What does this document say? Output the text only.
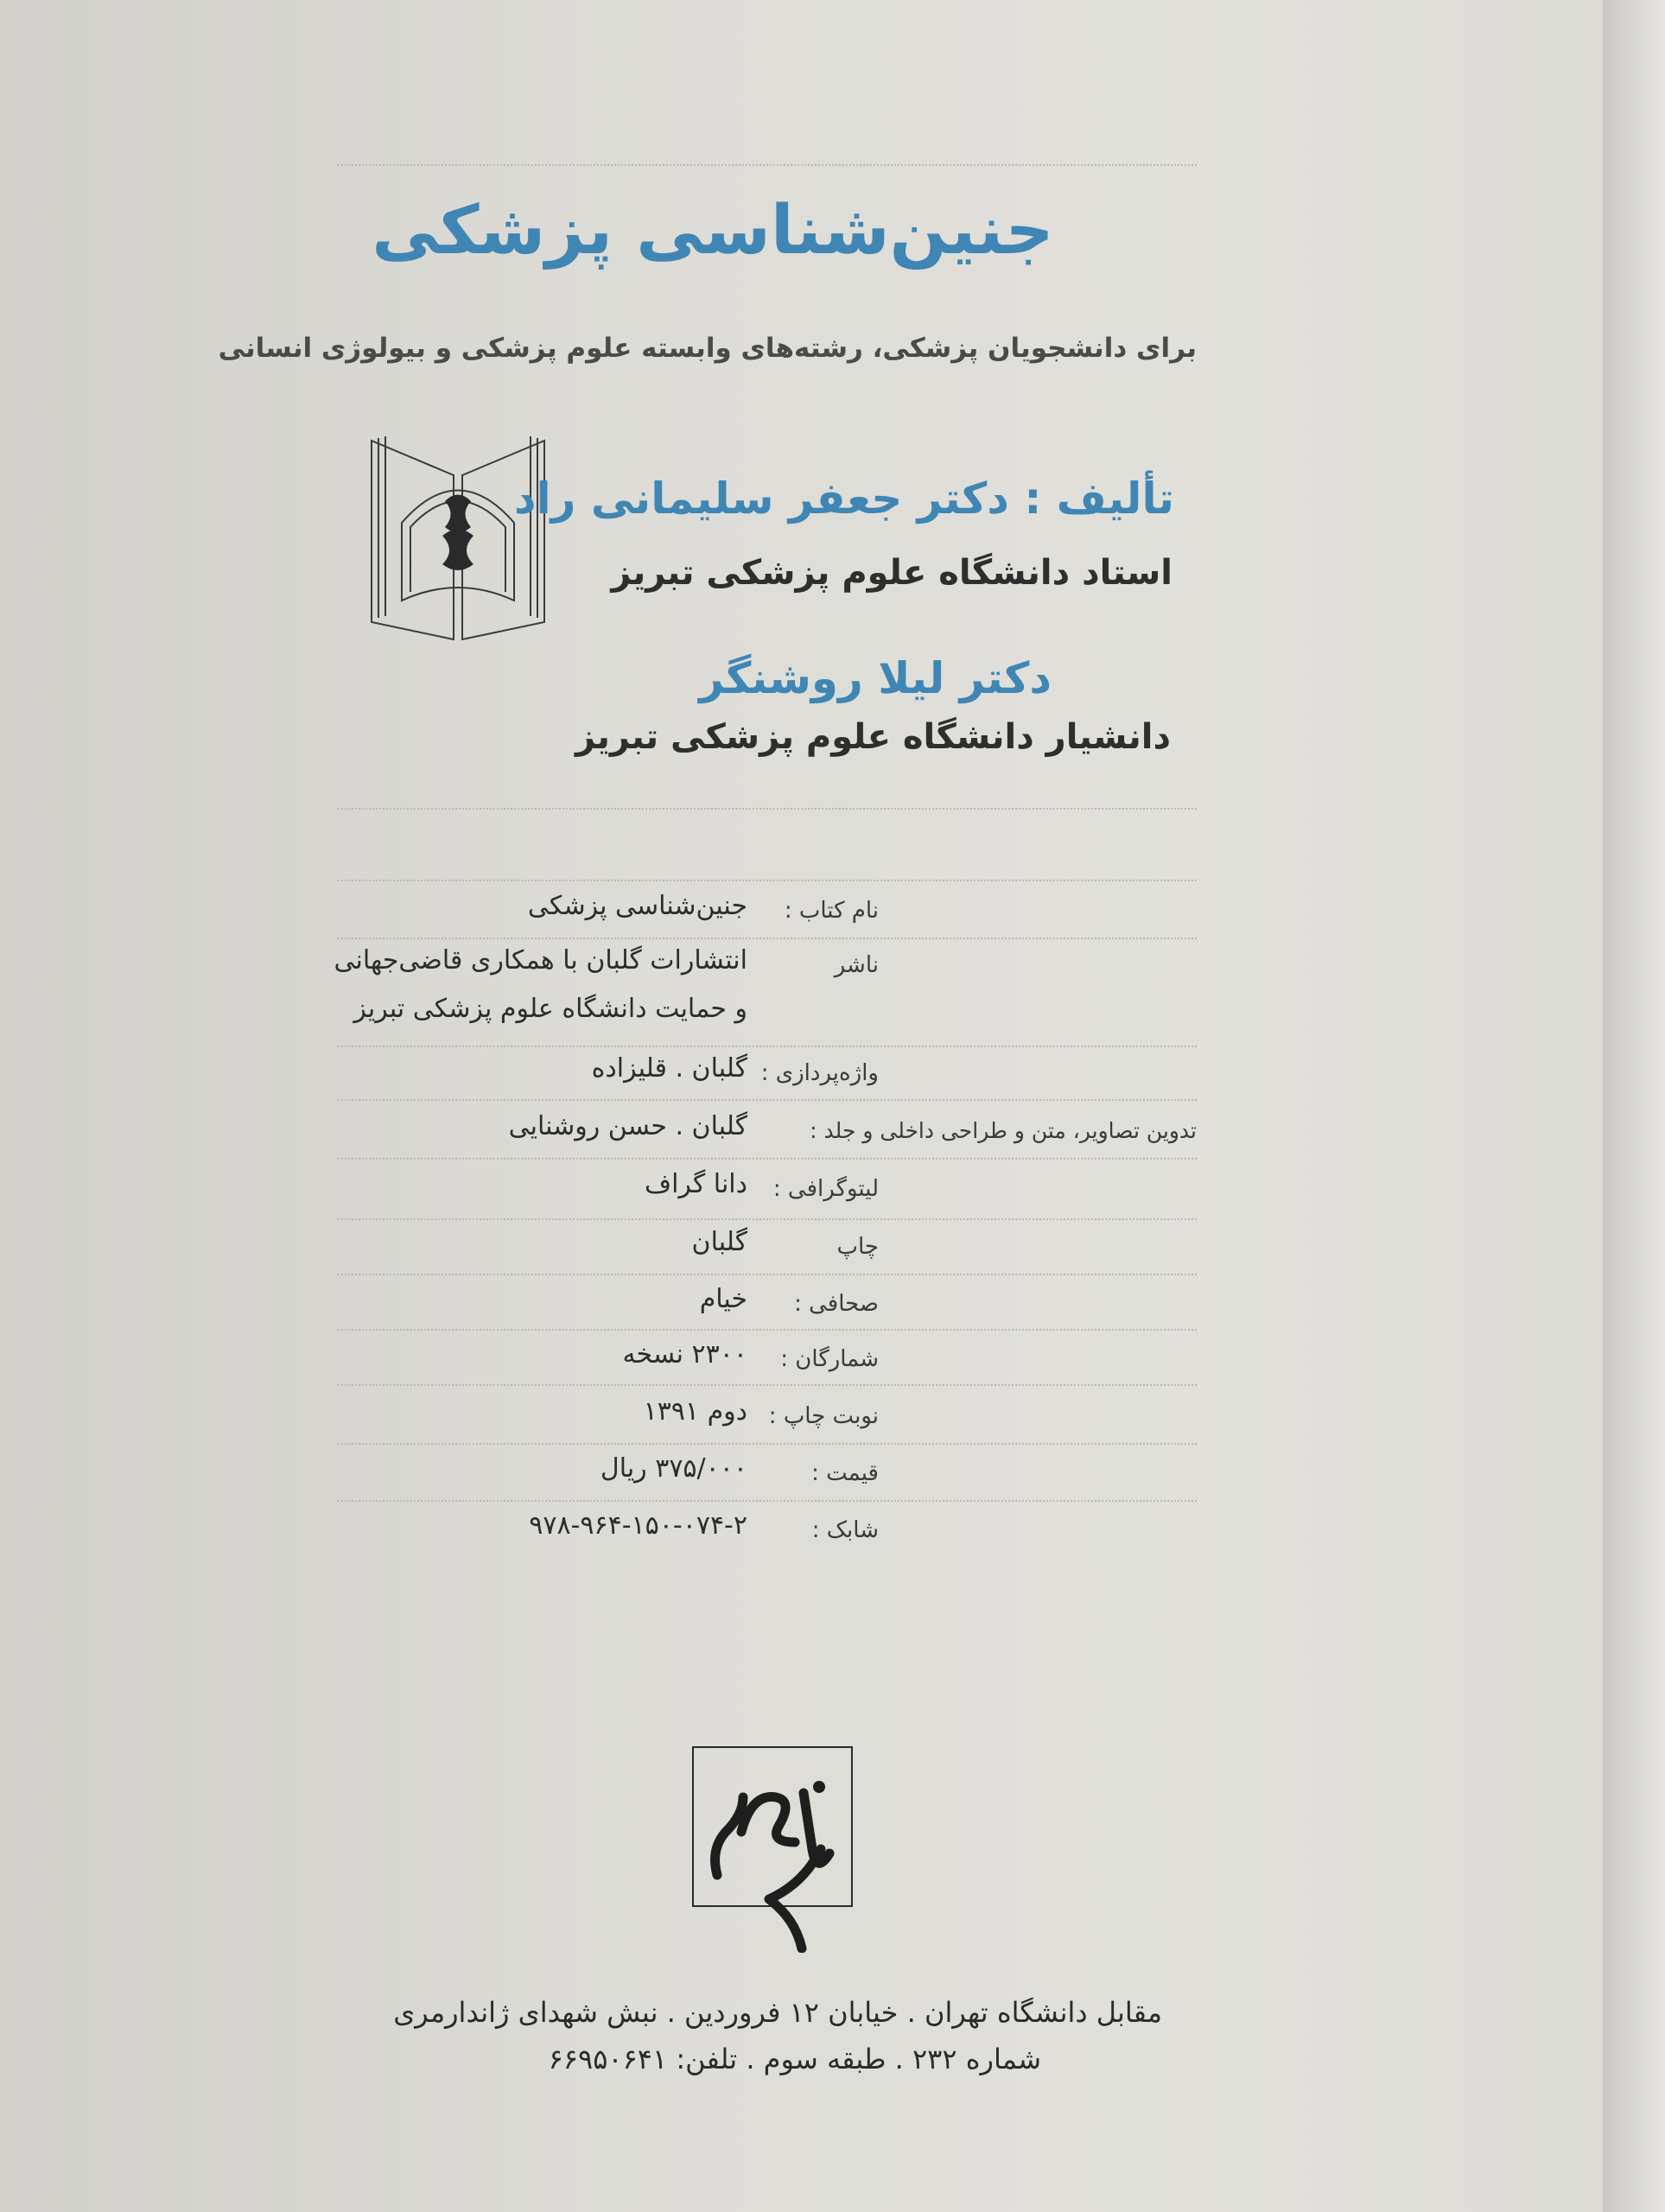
جنین‌شناسی پزشکی
برای دانشجویان پزشکی، رشته‌های وابسته علوم پزشکی و بیولوژی انسانی
تألیف : دکتر جعفر سلیمانی راد
استاد دانشگاه علوم پزشکی تبریز
دکتر لیلا روشنگر
دانشیار دانشگاه علوم پزشکی تبریز
نام کتاب :
جنین‌شناسی پزشکی
ناشر
انتشارات گلبان با همکاری قاضی‌جهانی
و حمایت دانشگاه علوم پزشکی تبریز
واژه‌پردازی :
گلبان . قلیزاده
تدوین تصاویر، متن و طراحی داخلی و جلد :
گلبان . حسن روشنایی
لیتوگرافی :
دانا گراف
چاپ
گلبان
صحافی :
خیام
شمارگان :
۲۳۰۰ نسخه
نوبت چاپ :
دوم ۱۳۹۱
قیمت :
۳۷۵/۰۰۰ ریال
شابک :
۹۷۸-۹۶۴-۱۵۰-۰۷۴-۲
مقابل دانشگاه تهران . خیابان ۱۲ فروردین . نبش شهدای ژاندارمری
شماره ۲۳۲ . طبقه سوم . تلفن: ۶۶۹۵۰۶۴۱
